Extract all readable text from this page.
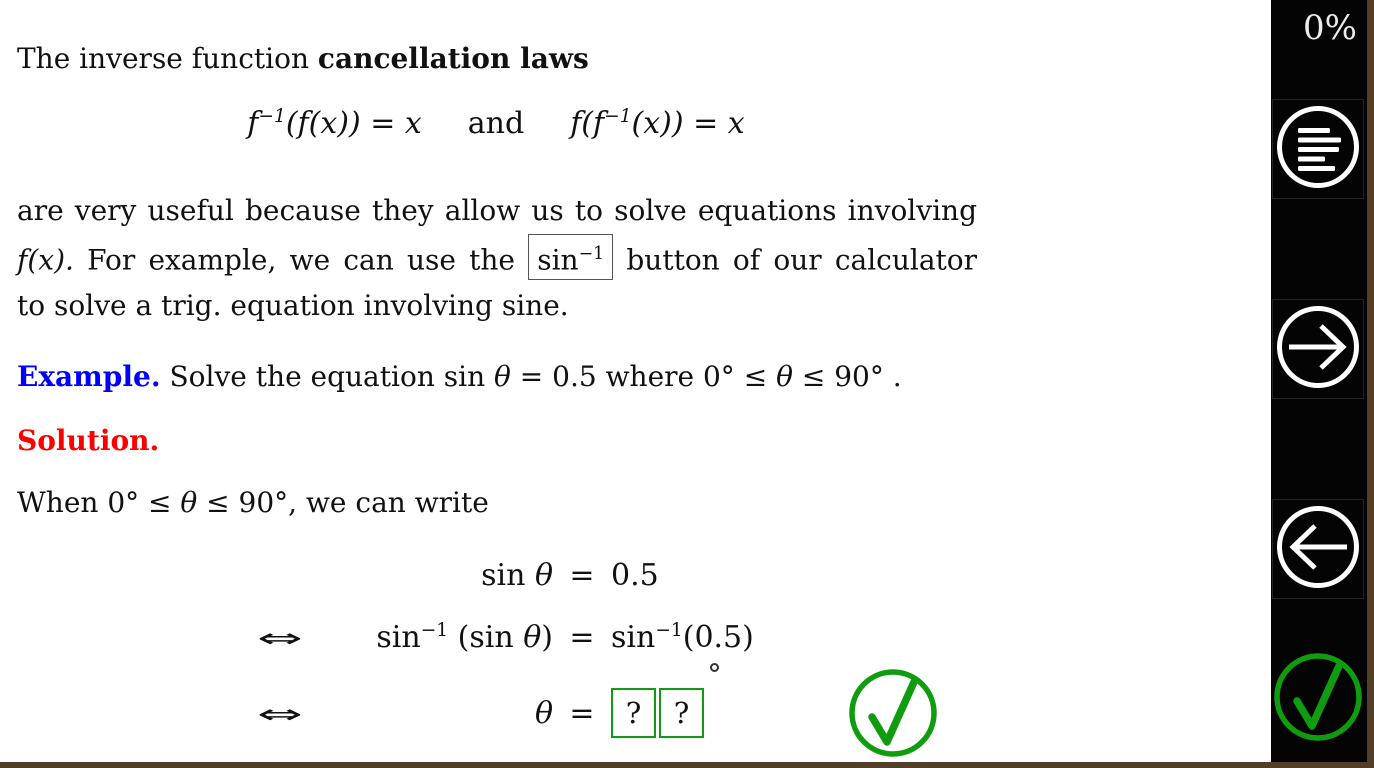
The inverse function cancellation laws

$f^{-1}(f(x)) = x$ and $f(f^{-1}(x)) = x$
are very useful because they allow us to solve equations involving
f(x). For example, we can use the $\sin^{-1}$ button of our calculator
to solve a trig. equation involving sine.

Example. Solve the equation sin θ = 0.5 where 0° ≤ θ ≤ 90° .

Solution.

When 0° ≤ θ ≤ 90°, we can write

sin θ = 0.5
⇔	$\sin^{-1} (\sin$ $\theta) = \sin^{-1}(0.5)$
⇔	θ =	?	?
0%
